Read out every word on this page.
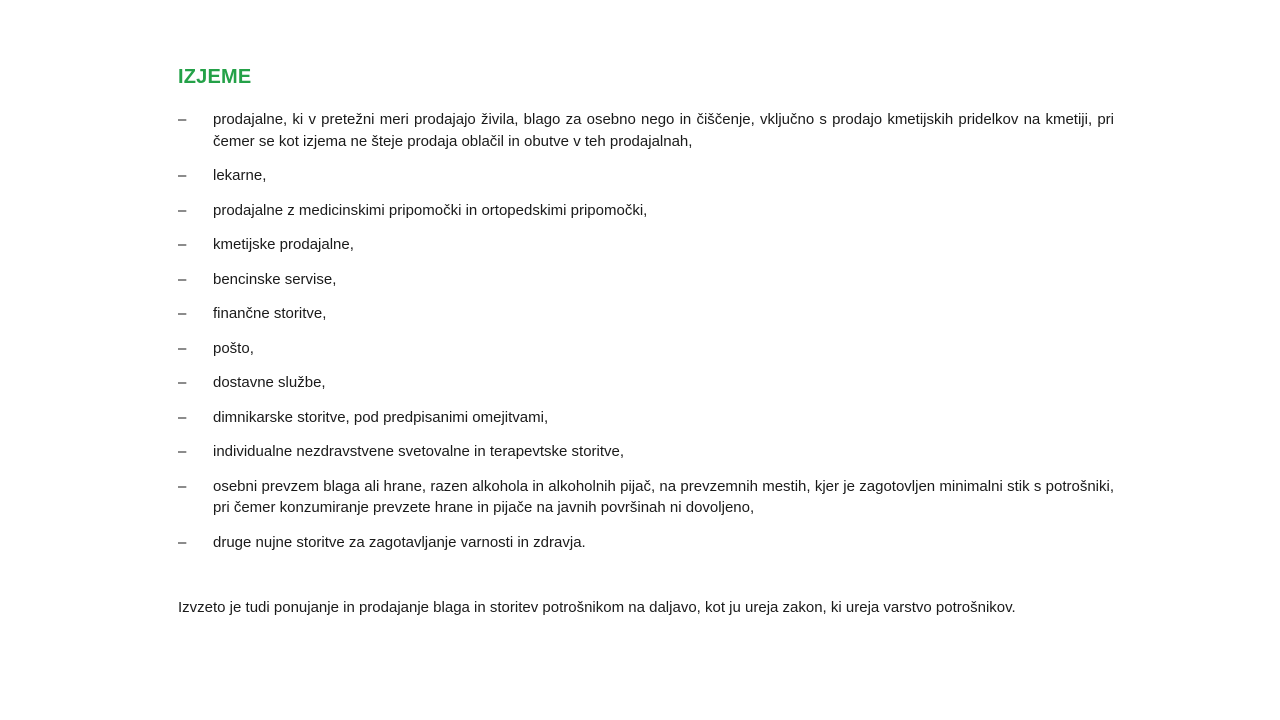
IZJEME
–	prodajalne, ki v pretežni meri prodajajo živila, blago za osebno nego in čiščenje, vključno s prodajo kmetijskih pridelkov na kmetiji, pri čemer se kot izjema ne šteje prodaja oblačil in obutve v teh prodajalnah,
–	lekarne,
–	prodajalne z medicinskimi pripomočki in ortopedskimi pripomočki,
–	kmetijske prodajalne,
–	bencinske servise,
–	finančne storitve,
–	pošto,
–	dostavne službe,
–	dimnikarske storitve, pod predpisanimi omejitvami,
–	individualne nezdravstvene svetovalne in terapevtske storitve,
–	osebni prevzem blaga ali hrane, razen alkohola in alkoholnih pijač, na prevzemnih mestih, kjer je zagotovljen minimalni stik s potrošniki, pri čemer konzumiranje prevzete hrane in pijače na javnih površinah ni dovoljeno,
–	druge nujne storitve za zagotavljanje varnosti in zdravja.

Izvzeto je tudi ponujanje in prodajanje blaga in storitev potrošnikom na daljavo, kot ju ureja zakon, ki ureja varstvo potrošnikov.
